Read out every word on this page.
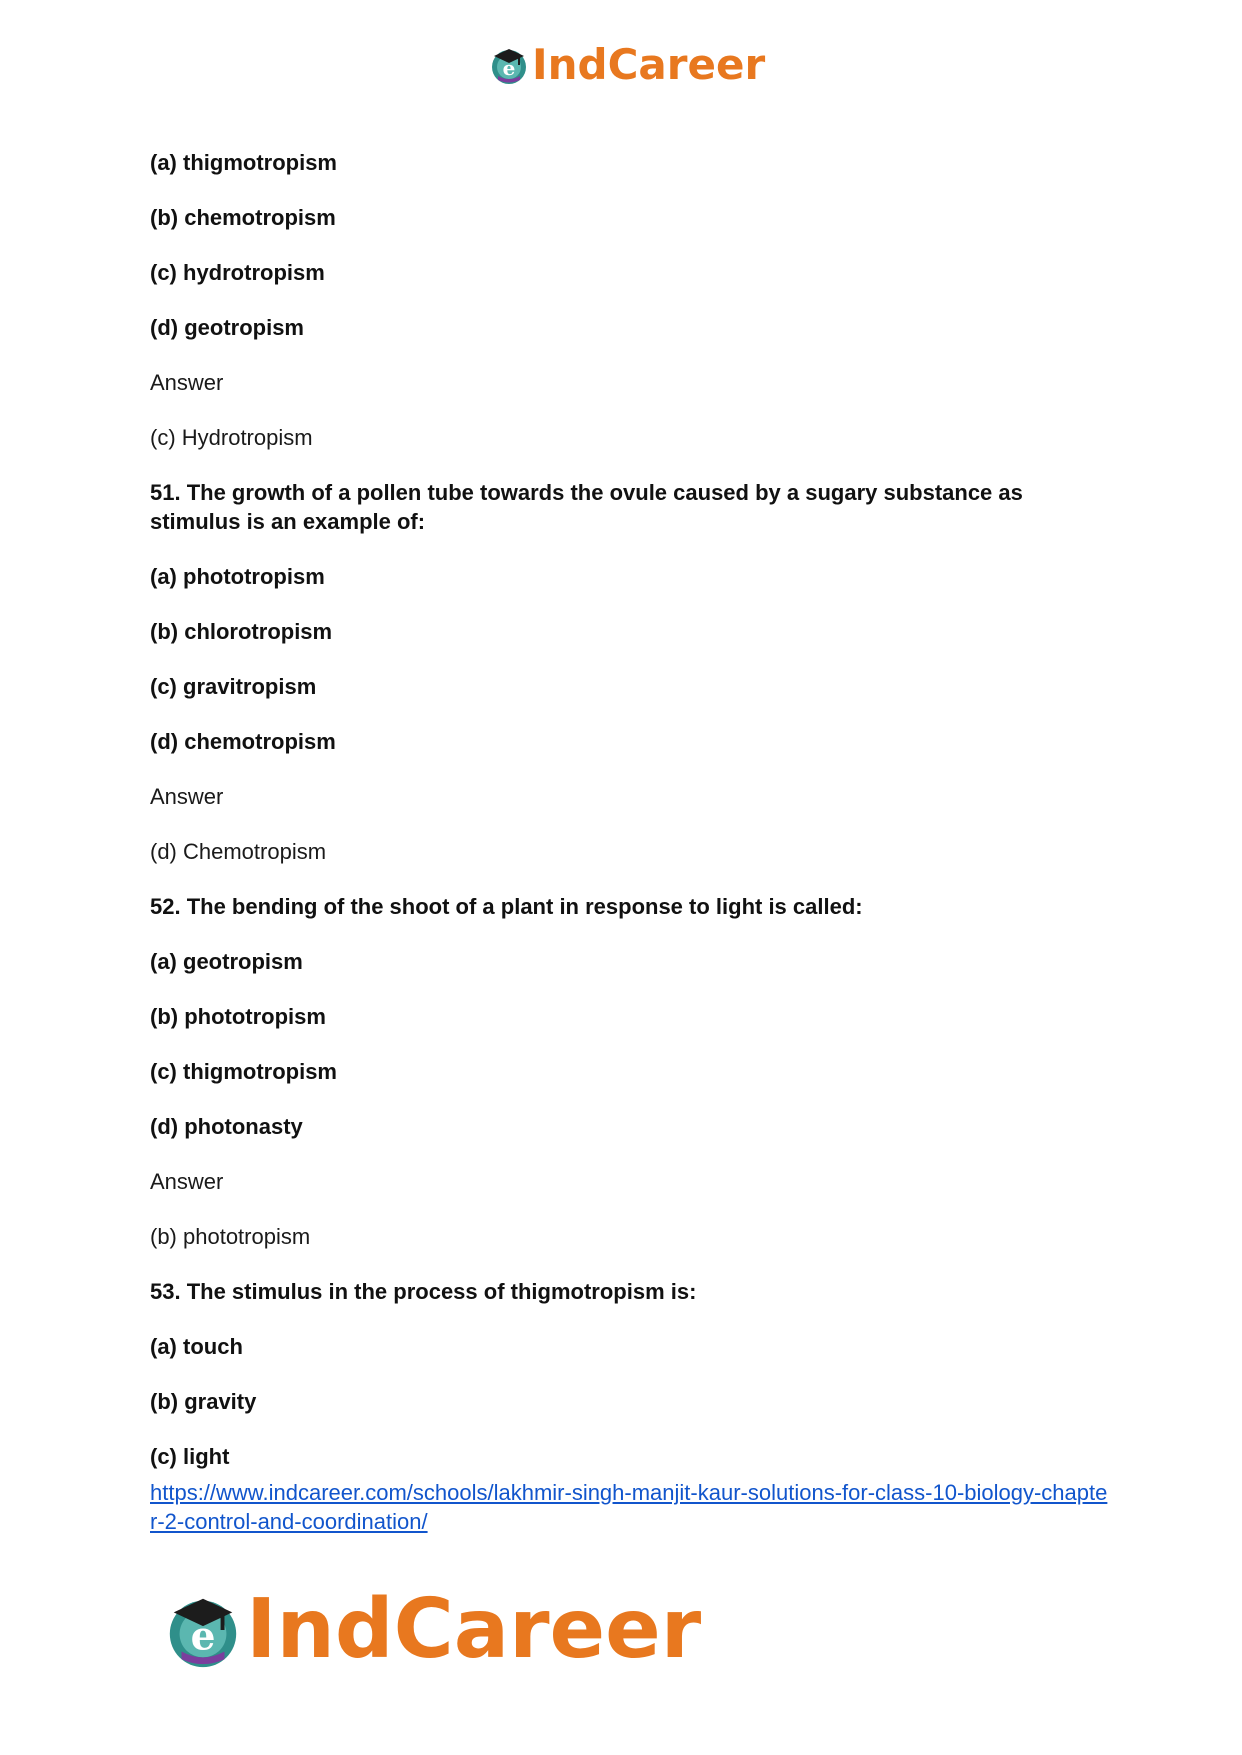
e IndCareer

(a) thigmotropism

(b) chemotropism

(c) hydrotropism

(d) geotropism

Answer

(c) Hydrotropism

51. The growth of a pollen tube towards the ovule caused by a sugary substance as stimulus is an example of:

(a) phototropism

(b) chlorotropism

(c) gravitropism

(d) chemotropism

Answer

(d) Chemotropism

52. The bending of the shoot of a plant in response to light is called:

(a) geotropism

(b) phototropism

(c) thigmotropism

(d) photonasty

Answer

(b) phototropism

53. The stimulus in the process of thigmotropism is:

(a) touch

(b) gravity

(c) light

https://www.indcareer.com/schools/lakhmir-singh-manjit-kaur-solutions-for-class-10-biology-chapter-2-control-and-coordination/
e IndCareer
